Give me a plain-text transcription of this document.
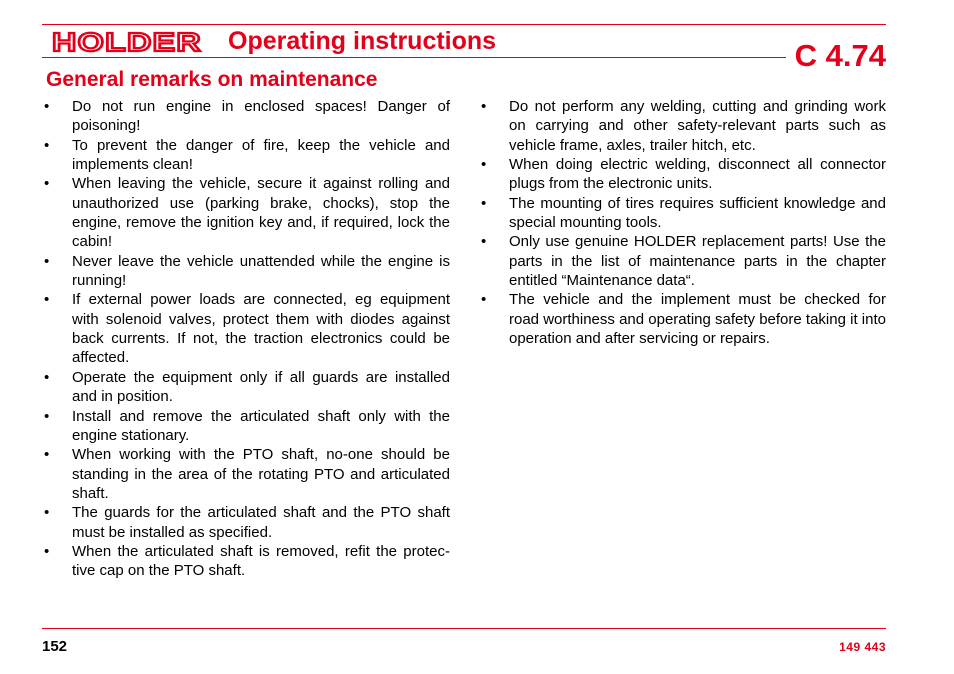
HOLDER Operating instructions	C 4.74
General remarks on maintenance
•	Do not run engine in enclosed spaces! Danger of poisoning!
•	To prevent the danger of fire, keep the vehicle and implements clean!
•	When leaving the vehicle, secure it against rolling and unauthorized use (parking brake, chocks), stop the engine, remove the ignition key and, if required, lock the cabin!
•	Never leave the vehicle unattended while the engine is running!
•	If external power loads are connected, eg equipment with solenoid valves, protect them with diodes against back currents. If not, the traction electronics could be affected.
•	Operate the equipment only if all guards are installed and in position.
•	Install and remove the articulated shaft only with the engine stationary.
•	When working with the PTO shaft, no-one should be standing in the area of the rotating PTO and articulated shaft.
•	The guards for the articulated shaft and the PTO shaft must be installed as specified.
•	When the articulated shaft is removed, refit the protec-tive cap on the PTO shaft.
•	Do not perform any welding, cutting and grinding work on carrying and other safety-relevant parts such as vehicle frame, axles, trailer hitch, etc.
•	When doing electric welding, disconnect all connector plugs from the electronic units.
•	The mounting of tires requires sufficient knowledge and special mounting tools.
•	Only use genuine HOLDER replacement parts! Use the parts in the list of maintenance parts in the chapter entitled “Maintenance data“.
•	The vehicle and the implement must be checked for road worthiness and operating safety before taking it into operation and after servicing or repairs.
152	149 443
